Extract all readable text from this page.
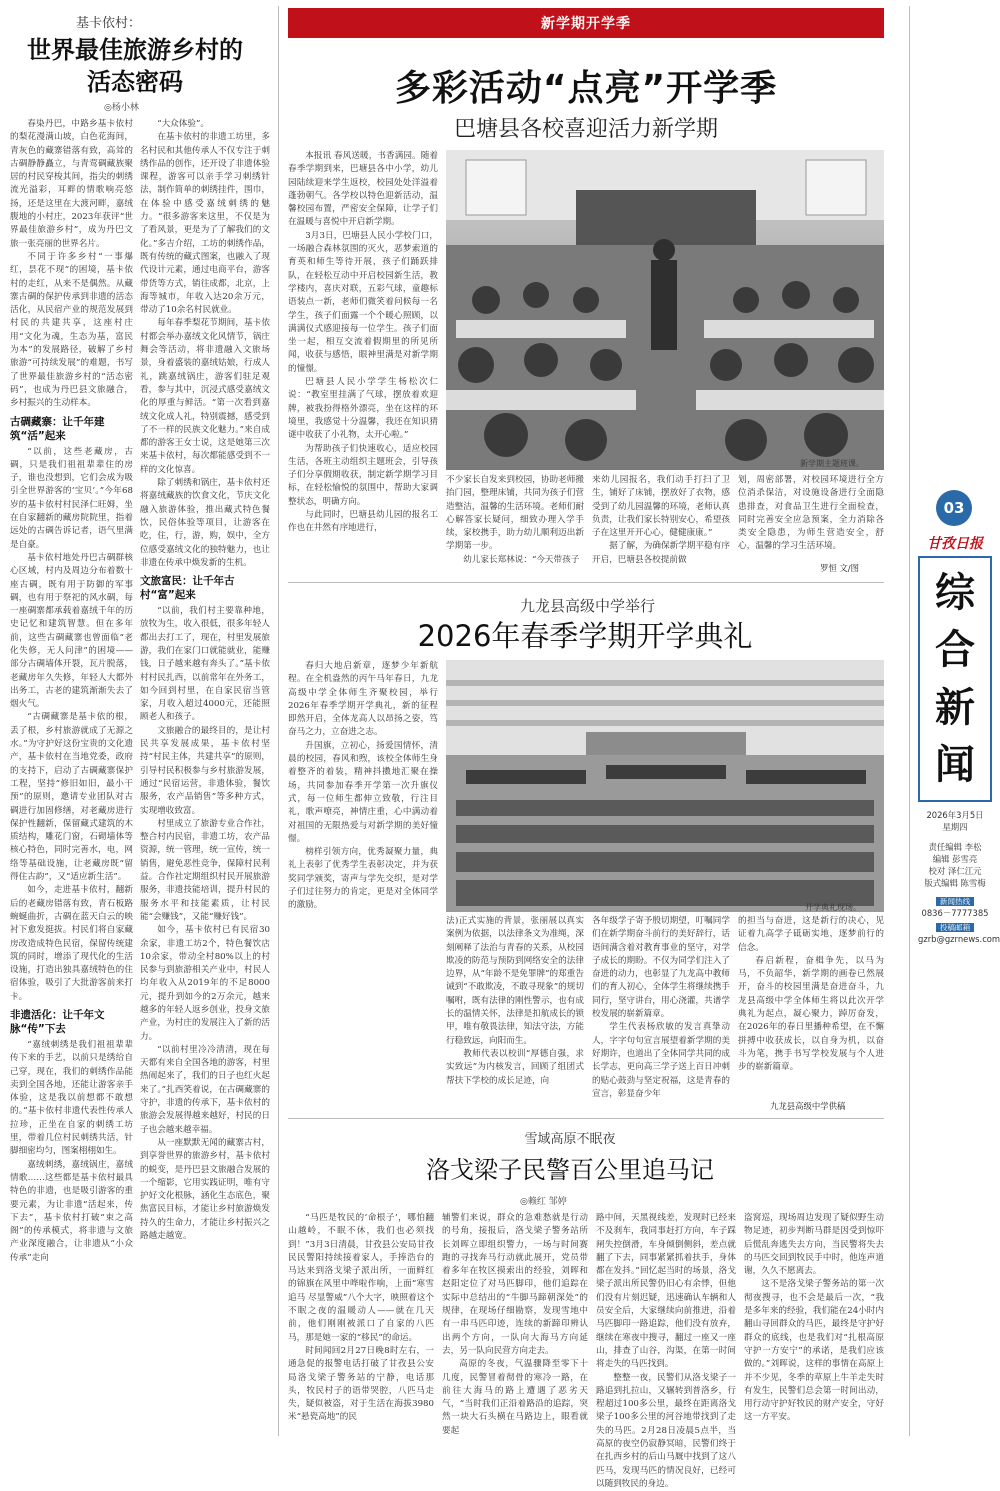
基卡依村：
世界最佳旅游乡村的
活态密码
◎杨小林

春染丹巴，中路乡基卡依村的梨花漫满山坡，白色花海间，青灰色的藏寨错落有致，高耸的古碉静静矗立，与青莺碉藏族聚居的村民穿梭其间，指尖的刺绣流光溢彩，耳畔的情歌响亮悠扬，还是这里在大渡河畔，嘉绒腹地的小村庄，2023年获评“世界最佳旅游乡村”，成为丹巴文旅一张亮丽的世界名片。

不同于许多乡村“一事爆红，昙花不现”的困境，基卡依村的走红，从来不是偶然。从藏寨古碉的保护传承到非遗的活态活化，从民宿产业的规范发展到村民的共建共享，这座村庄用“文化为魂，生态为基，富民为本”的发展路径，破解了乡村旅游“可持续发展”的难题，书写了世界最佳旅游乡村的“活态密码”，也成为丹巴县文旅融合，乡村振兴的生动样本。

古碉藏寨：让千年建筑“活”起来

“以前，这些老藏房，古碉，只是我们祖祖辈辈住的房子，谁也没想到，它们会成为吸引全世界游客的‘宝贝’。”今年68岁的基卡依村村民泽仁旺姆，坐在自家翻新的藏房院院里，指着远处的古碉告诉记者，语气里满是自豪。

基卡依村地处丹巴古碉群核心区域，村内及周边分布着数十座古碉，既有用于防御的军事碉，也有用于祭祀的风水碉，每一座碉寨都承载着嘉绒千年的历史记忆和建筑智慧。但在多年前，这些古碉藏寨也曾面临“老化失修，无人问津”的困境——部分古碉墙体开裂，瓦片脱落，老藏房年久失修，年轻人大都外出务工，古老的建筑渐渐失去了烟火气。

“古碉藏寨是基卡依的根，丢了根，乡村旅游就成了无源之水。”为守护好这份宝贵的文化遗产，基卡依村在当地党委，政府的支持下，启动了古碉藏寨保护工程，坚持“修旧如旧，最小干预”的原则，邀请专业团队对古碉进行加固修缮，对老藏房进行保护性翻新，保留藏式建筑的木质结构，雕花门窗，石砌墙体等核心特色，同时完善水，电，网络等基础设施，让老藏房既“留得住古韵”，又“适应新生活”。

如今，走进基卡依村，翻新后的老藏房错落有致，青石板路蜿蜒曲折，古碉在蓝天白云的映衬下愈发挺拔。村民们将自家藏房改造成特色民宿，保留传统建筑的同时，增添了现代化的生活设施，打造出独具嘉绒特色的住宿体验，吸引了大批游客前来打卡。

非遗活化：让千年文脉“传”下去

“嘉绒刺绣是我们祖祖辈辈传下来的手艺，以前只是绣给自己穿，现在，我们的刺绣作品能卖到全国各地，还能让游客亲手体验，这是我以前想都不敢想的。”基卡依村非遗代表性传承人拉珍，正坐在自家的刺绣工坊里，带着几位村民刺绣共活，针脚细密均匀，图案栩栩如生。

嘉绒刺绣，嘉绒锅庄，嘉绒情歌……这些都是基卡依村最具特色的非遗，也是吸引游客的重要元素，为让非遗“活起来，传下去”，基卡依村打破“束之高阁”的传承模式，将非遗与文旅产业深度融合，让非遗从“小众传承”走向

“大众体验”。

在基卡依村的非遗工坊里，多名村民和其他传承人不仅专注于刺绣作品的创作，还开设了非遗体验课程，游客可以亲手学习刺绣针法，制作简单的刺绣挂件，围巾，在体验中感受嘉绒刺绣的魅力。“很多游客来这里，不仅是为了看风景，更是为了了解我们的文化。”多吉介绍，工坊的刺绣作品，既有传统的藏式图案，也融入了现代设计元素，通过电商平台，游客带货等方式，销往成都，北京，上海等城市，年收入达20余万元，带动了10余名村民就业。

每年春季梨花节期间，基卡依村都会举办嘉绒文化风情节，锅庄舞会等活动，将非遗融入文旅场景，身着盛装的嘉绒姑娘，行成人礼，跳嘉绒锅庄，游客们驻足观看，参与其中，沉浸式感受嘉绒文化的厚重与鲜活。“第一次看到嘉绒文化成人礼，特别震撼，感受到了不一样的民族文化魅力。”来自成都的游客王女士说，这是她第三次来基卡依村，每次都能感受到不一样的文化惊喜。

除了刺绣和锅庄，基卡依村还将嘉绒藏族的饮食文化，节庆文化融入旅游体验，推出藏式特色餐饮，民俗体验等项目，让游客在吃，住，行，游，购，娱中，全方位感受嘉绒文化的独特魅力，也让非遗在传承中焕发新的生机。

文旅富民：让千年古村“富”起来

“以前，我们村主要靠种地，放牧为生，收入很低，很多年轻人都出去打工了，现在，村里发展旅游，我们在家门口就能就业，能赚钱，日子越来越有奔头了。”基卡依村村民扎西，以前常年在外务工，如今回到村里，在自家民宿当管家，月收入超过4000元，还能照顾老人和孩子。

文旅融合的最终目的，是让村民共享发展成果，基卡依村坚持“村民主体，共建共享”的原则，引导村民积极参与乡村旅游发展，通过“民宿运营，非遗体验，餐饮服务，农产品销售”等多种方式，实现增收致富。

村里成立了旅游专业合作社，整合村内民宿，非遗工坊，农产品资源，统一管理，统一宣传，统一销售，避免恶性竞争，保障村民利益。合作社定期组织村民开展旅游服务，非遗技能培训，提升村民的服务水平和技能素质，让村民能“会赚钱”，又能“赚好钱”。

如今，基卡依村已有民宿30余家，非遗工坊2个，特色餐饮店10余家，带动全村80%以上的村民参与到旅游相关产业中，村民人均年收入从2019年的不足8000元，提升到如今的2万余元，越来越多的年轻人返乡创业，投身文旅产业，为村庄的发展注入了新的活力。

“以前村里冷冷清清，现在每天都有来自全国各地的游客，村里热闹起来了，我们的日子也红火起来了。”扎西笑着说，在古碉藏寨的守护，非遗的传承下，基卡依村的旅游会发展得越来越好，村民的日子也会越来越幸福。

从一座默默无闻的藏寨古村，到享誉世界的旅游乡村，基卡依村的蜕变，是丹巴县文旅融合发展的一个缩影，它用实践证明，唯有守护好文化根脉，涵化生态底色，聚焦富民目标，才能让乡村旅游焕发持久的生命力，才能让乡村振兴之路越走越宽。

新学期开学季
多彩活动“点亮”开学季
巴塘县各校喜迎活力新学期

本报讯 春风送暖，书香满园。随着春季学期到来，巴塘县各中小学，幼儿园陆续迎来学生返校，校园处处洋溢着蓬勃朝气。各学校以特色迎新活动，温馨校园布置，严密安全保障，让学子们在温暖与喜悦中开启新学期。

3月3日，巴塘县人民小学校门口，一场融合森林氛围的灭火，恶梦索道的育英和师生等待开展，孩子们踊跃排队，在轻松互动中开启校园新生活，教学楼内，喜庆对联，五彩气球，童趣标语装点一新，老师们微笑着问候每一名学生，孩子们面露一个个暖心照顾，以满满仪式感迎接每一位学生。孩子们面坐一起，相互交流着假期里的所见所闻，收获与感悟，眼神里满是对新学期的憧憬。

巴塘县人民小学学生杨松次仁说：“教室里挂满了气球，摆放着欢迎牌，被我扮得格外漂亮，坐在这样的环境里，我感觉十分温馨，我还在知识猜谜中收获了小礼物，太开心啦。”

为帮助孩子们快速收心，适应校园生活，各班主动组织主题班会，引导孩子们分享假期收获，制定新学期学习目标，在轻松愉悦的氛围中，帮助大家调整状态，明确方向。

与此同时，巴塘县幼儿园的报名工作也在井然有序地进行，

新学期主题班课。

不少家长自发来到校园，协助老师搬抬门园，整理床铺，共同为孩子们营造整洁，温馨的生活环境。老师们耐心解答家长疑问，细致办理入学手续，家校携手，助力幼儿顺利迈出新学期第一步。

幼儿家长郑林说：“今天带孩子

来幼儿园报名，我们动手打扫了卫生，铺好了床铺，摆放好了衣物，感受到了幼儿园温馨的环境，老师认真负责，让我们家长特别安心，希望孩子在这里开开心心，健健康康。”

据了解，为确保新学期平稳有序开启，巴塘县各校提前做

划，周密部署，对校园环境进行全方位消杀保洁，对设施设备进行全面隐患排查，对食品卫生进行全面检查，同时完善安全应急预案，全力消除各类安全隐患，为师生营造安全，舒心，温馨的学习生活环境。

罗恒 文/图
九龙县高级中学举行
2026年春季学期开学典礼

春归大地启新章，逐梦少年新航程。在全机盎然的丙午马年春日，九龙高级中学全体师生齐聚校园，举行2026年春季学期开学典礼，新的征程即然开启，全体龙高人以昂扬之姿，笃奋马之力，立奋进之志。

升国旗，立初心，扬爱国情怀，清晨的校园，春风和煦，该校全体师生身着整齐的着装，精神抖擞地汇聚在操场，共同参加春季开学第一次升旗仪式，每一位师生都伸立致敬，行注目礼，歌声嘹亮，神情庄重，心中满动着对祖国的无限热爱与对新学期的美好憧憬。

榜样引领方向，优秀凝聚力量，典礼上表彰了优秀学生表彰决定，并为获奖同学颁奖，寄声与学先交织，是对学子们过往努力的肯定，更是对全体同学的激励。	开学典礼现场。

法)正式实施的背景，张丽展以真实案例为依据，以法律条文为准绳，深刻阐释了法治与青春的关系，从校园欺凌的防范与预防到网络安全的法律边界，从“年龄不是免罪牌”的郑重告诫到“不敢欺凌，不敢寻现象”的规切嘱咐，既有法律的刚性警示，也有成长的温情关怀，法律是扣航成长的锁甲，唯有敬畏法律，知法守法，方能行稳致远，向阳而生。

教师代表以校训“厚德自强，求实致远”为内核发言，回顾了组团式帮扶下学校的成长足迹，向

各年级学子寄予殷切期望，叮嘱同学们在新学期奋斗前行的美好辞行，话语间满含着对教育事业的坚守，对学子成长的期盼。不仅为同学们注入了奋进的动力，也彰显了九龙高中教师们的育人初心，全体学生将继续携手同行，坚守讲台，用心浇灌，共谱学校发展的崭新篇章。

学生代表杨欣敏的发言真挚动人，字字句句宣言展望着新学期的美好期许，也道出了全体同学共同的成长学志，更向高三学子送上百日冲刺的贴心鼓劲与坚定祝福，这是青春的宣言，彰显奋少年

的担当与奋进，这是新行的决心，见证着九高学子砥砺实地，逐梦前行的信念。

春启新程，奋楫争先，以马为马，不负韶华，新学期的画卷已然展开，奋斗的校园里满是奋进奋斗，九龙县高级中学全体师生将以此次开学典礼为起点，凝心聚力，踔厉奋发，在2026年的春日里播种希望，在不懈拼搏中收获成长，以自身为机，以奋斗为笔，携手书写学校发展与个人进步的崭新篇章。

九龙县高级中学供稿
雪域高原不眠夜
洛戈梁子民警百公里追马记
◎赖红 邹婷

“马匹是牧民的‘命根子’，哪怕翻山越岭，不眠不休，我们也必须找到！”3月3日清晨，甘孜县公安局甘孜民民警阳持续接着家人，手捧浩台的马达来到洛戈梁子派出所，一面鲜红的锦旗在风里中哗啦作响，上面“寒雪追马 尽显警威”八个大字，映照着这个不眠之夜的温暖动人——就在几天前，他们刚刚被派口了自家的八匹马，那是她一家的“移民”的命运。

时间闻回2月27日晚8时左右，一通急促的报警电话打破了甘孜县公安局洛戈梁子警务站的宁静，电话那头，牧民村子的语带哭腔，八匹马走失，疑似被盗，对于生活在海拔3980米“悬瓷高地”的民

辅警们来说，群众的急难愁就是行动的号角，接报后，洛戈梁子警务站所长刘晖立即组织警力，一场与时间赛跑的寻找奔马行动就此展开，党员带着多年在牧区摸索出的经验，刘晖和赵阳定位了对马匹脚印，他们追踪在实际中总结出的“牛脚马蹄朝深处”的规律，在现场仔细勘察，发现雪地中有一串马匹印迹，连续的新蹄印辨认出两个方向，一队向大海马方向延去，另一队向民营方向走去。

高原的冬夜，气温骤降至零下十几度，民警冒着彻骨的寒冷一路，在前往大海马的路上遭遇了恶劣天气，“当时我们正沿着路沿的追踪，突然一块大石头横在马路边上，眼看就要起

路中间，天黑视线差，发现时已经来不及刹车，我同事赶打方向，车子踩闸失控倒滑，车身倾倒侧斜，差点就翻了下去，同事紧紧抓着扶手，身体都在发抖。”回忆起当时的场景，洛戈梁子派出所民警仍旧心有余悸，但他们没有片刻迟疑，迅速确认车辆和人员安全后，大家继续向前推进，沿着马匹脚印一路追踪，他们没有放弃，继续在寒夜中搜寻，翻过一座又一座山，排查了山谷，沟渠，在第一时间将走失的马匹找到。

整整一夜，民警们从洛戈梁子一路追到扎拉山，又辗转到普洛乡，行程超过100多公里，最终在距离洛戈梁子100多公里的河谷地带找到了走失的马匹。2月28日凌晨5点半，当高原的夜空仍寂静冥暗，民警们终于在扎西乡村的后山马厩中找到了这八匹马，发现马匹的情况良好，已经可以随到牧民的身边。

盗窝巡，现场周边发现了疑似野生动物足迹，初步判断马群是因受到惊吓后慌乱奔逃失去方向，当民警将失去的马匹交回到牧民手中时，他连声道谢，久久不愿离去。

这不是洛戈梁子警务站的第一次彻夜搜寻，也不会是最后一次，“我是多年来的经验，我们能在24小时内翻山寻回群众的马匹，最终是守护好群众的底线，也是我们对“扎根高原守护一方安宁”的承诺，是我们应该做的。”刘晖说，这样的事情在高原上并不少见，冬季的草原上牛羊走失时有发生，民警们总会第一时间出动，用行动守护好牧民的财产安全，守好这一方平安。

03
甘孜日报
综
合
新
闻
2026年3月5日
星期四
责任编辑 李松
编辑 彭雪亮
校对 泽仁江元
版式编辑 陈雪梅
新闻热线
0836－7777385
投稿邮箱
gzrb@gzrnews.com
